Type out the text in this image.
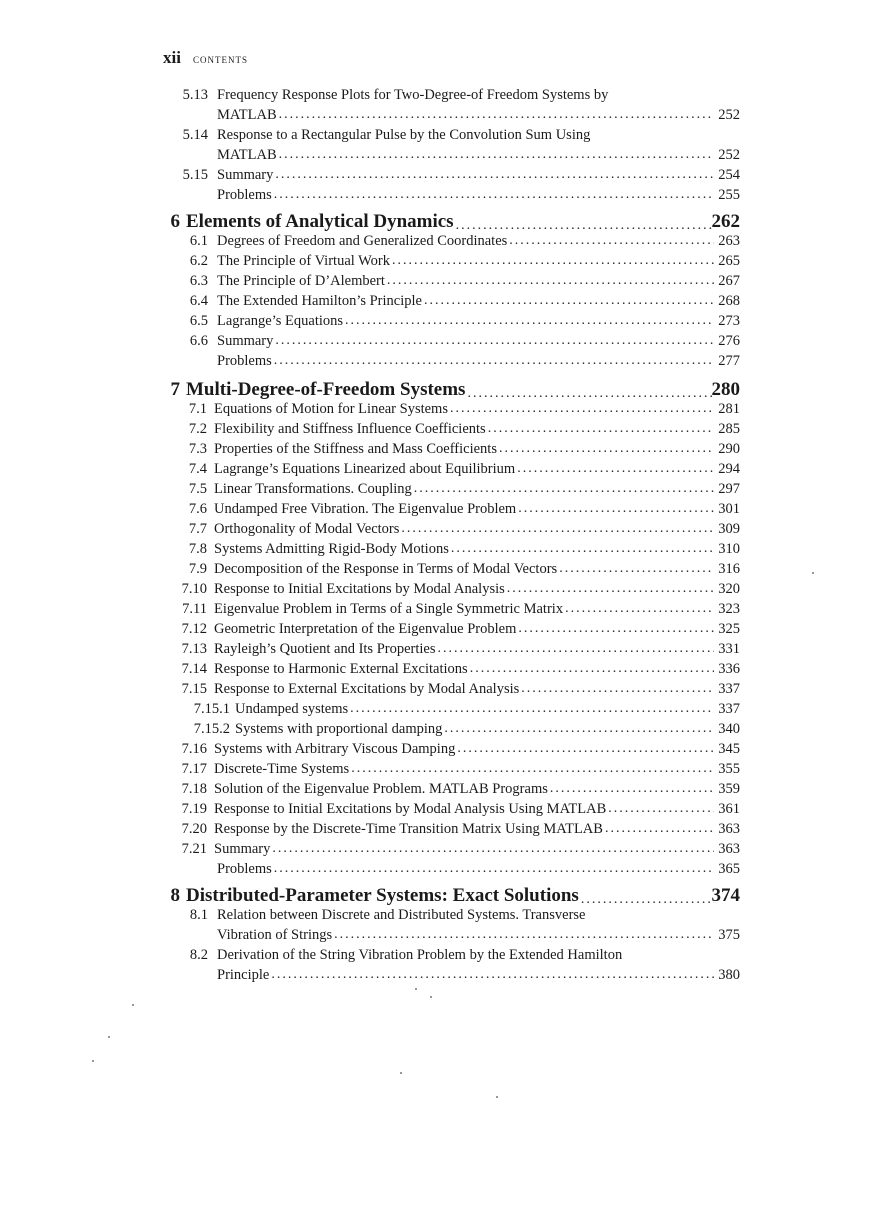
xii CONTENTS
5.13 Frequency Response Plots for Two-Degree-of Freedom Systems by
MATLAB	252
.....
5.14 Response to a Rectangular Pulse by the Convolution Sum Using
MATLAB	252
.....
5.15 Summary	254
.....
Problems	255
.....
6 Elements of Analytical Dynamics	262
.....
6.1 Degrees of Freedom and Generalized Coordinates	263
.....
6.2 The Principle of Virtual Work	265
.....
6.3 The Principle of D’Alembert	267
.....
6.4 The Extended Hamilton’s Principle	268
.....
6.5 Lagrange’s Equations	273
.....
6.6 Summary	276
.....
Problems	277
.....
7 Multi-Degree-of-Freedom Systems	280
.....
7.1 Equations of Motion for Linear Systems	281
.....
7.2 Flexibility and Stiffness Influence Coefficients	285
.....
7.3 Properties of the Stiffness and Mass Coefficients	290
.....
7.4 Lagrange’s Equations Linearized about Equilibrium	294
.....
7.5 Linear Transformations. Coupling	297
.....
7.6 Undamped Free Vibration. The Eigenvalue Problem	301
.....
7.7 Orthogonality of Modal Vectors	309
.....
7.8 Systems Admitting Rigid-Body Motions	310
.....
7.9 Decomposition of the Response in Terms of Modal Vectors	316
.....
7.10 Response to Initial Excitations by Modal Analysis	320
.....
7.11 Eigenvalue Problem in Terms of a Single Symmetric Matrix	323
.....
7.12 Geometric Interpretation of the Eigenvalue Problem	325
.....
7.13 Rayleigh’s Quotient and Its Properties	331
.....
7.14 Response to Harmonic External Excitations	336
.....
7.15 Response to External Excitations by Modal Analysis	337
.....
7.15.1 Undamped systems	337
.....
7.15.2 Systems with proportional damping	340
.....
7.16 Systems with Arbitrary Viscous Damping	345
.....
7.17 Discrete-Time Systems	355
.....
7.18 Solution of the Eigenvalue Problem. MATLAB Programs	359
.....
7.19 Response to Initial Excitations by Modal Analysis Using MATLAB	361
.....
7.20 Response by the Discrete-Time Transition Matrix Using MATLAB	363
.....
7.21 Summary	363
.....
Problems	365
.....
8 Distributed-Parameter Systems: Exact Solutions	374
.....
8.1 Relation between Discrete and Distributed Systems. Transverse
Vibration of Strings	375
.....
8.2 Derivation of the String Vibration Problem by the Extended Hamilton
Principle	380
.....
